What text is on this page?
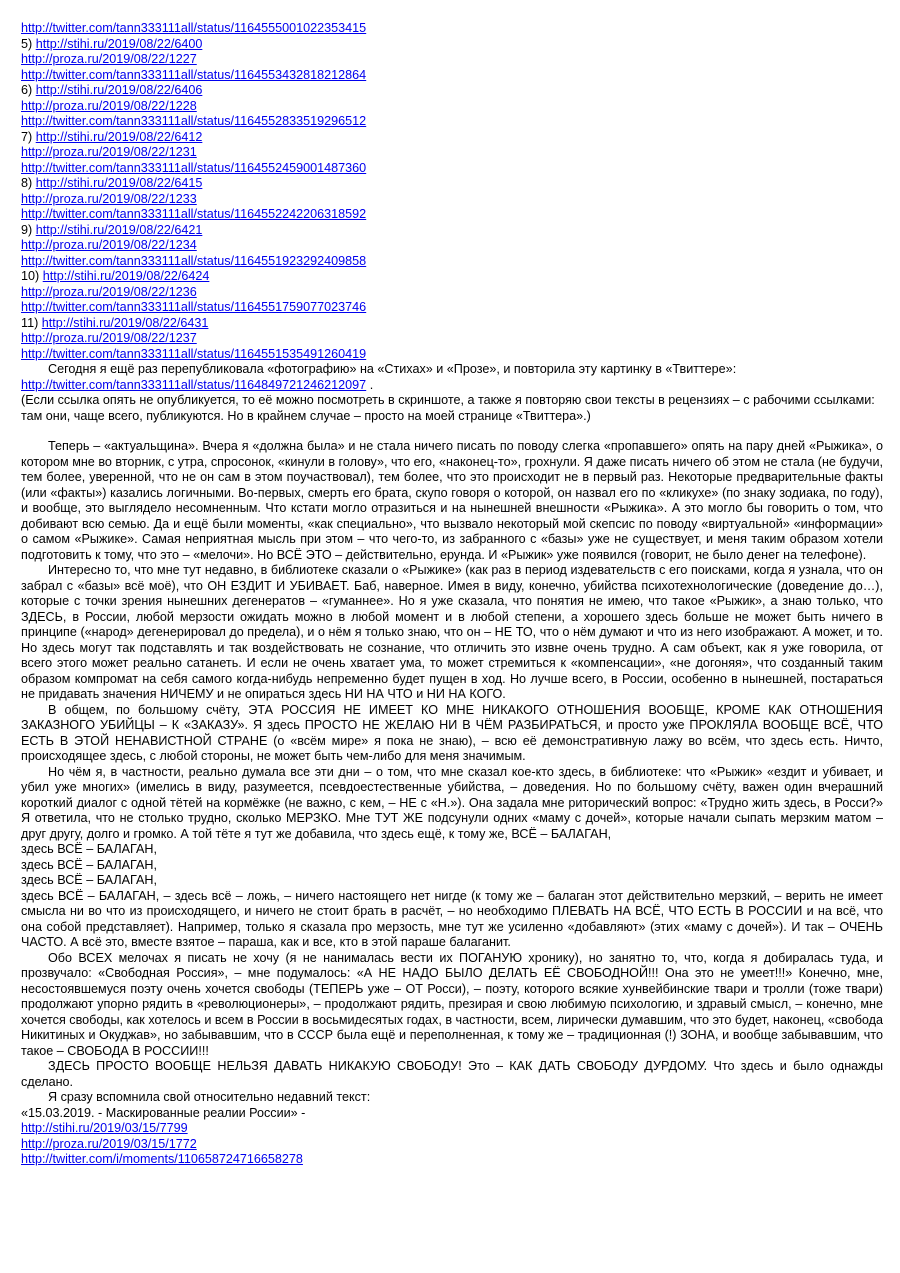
http://twitter.com/tann333111all/status/1164555001022353415
5) http://stihi.ru/2019/08/22/6400
http://proza.ru/2019/08/22/1227
http://twitter.com/tann333111all/status/1164553432818212864
6) http://stihi.ru/2019/08/22/6406
http://proza.ru/2019/08/22/1228
http://twitter.com/tann333111all/status/1164552833519296512
7) http://stihi.ru/2019/08/22/6412
http://proza.ru/2019/08/22/1231
http://twitter.com/tann333111all/status/1164552459001487360
8) http://stihi.ru/2019/08/22/6415
http://proza.ru/2019/08/22/1233
http://twitter.com/tann333111all/status/1164552242206318592
9) http://stihi.ru/2019/08/22/6421
http://proza.ru/2019/08/22/1234
http://twitter.com/tann333111all/status/1164551923292409858
10) http://stihi.ru/2019/08/22/6424
http://proza.ru/2019/08/22/1236
http://twitter.com/tann333111all/status/1164551759077023746
11) http://stihi.ru/2019/08/22/6431
http://proza.ru/2019/08/22/1237
http://twitter.com/tann333111all/status/1164551535491260419

Сегодня я ещё раз перепубликовала «фотографию» на «Стихах» и «Прозе», и повторила эту картинку в «Твиттере»:
http://twitter.com/tann333111all/status/1164849721246212097 .

(Если ссылка опять не опубликуется, то её можно посмотреть в скриншоте, а также я повторяю свои тексты в рецензиях – с рабочими ссылками: там они, чаще всего, публикуются. Но в крайнем случае – просто на моей странице «Твиттера».)

Теперь – «актуальщина». Вчера я «должна была» и не стала ничего писать по поводу слегка «пропавшего» опять на пару дней «Рыжика», о котором мне во вторник, с утра, спросонок, «кинули в голову», что его, «наконец-то», грохнули. Я даже писать ничего об этом не стала (не будучи, тем более, уверенной, что не он сам в этом поучаствовал), тем более, что это происходит не в первый раз. Некоторые предварительные факты (или «факты») казались логичными. Во-первых, смерть его брата, скупо говоря о которой, он назвал его по «кликухе» (по знаку зодиака, по году), и вообще, это выглядело несомненным. Что кстати могло отразиться и на нынешней внешности «Рыжика». А это могло бы говорить о том, что добивают всю семью. Да и ещё были моменты, «как специально», что вызвало некоторый мой скепсис по поводу «виртуальной» «информации» о самом «Рыжике». Самая неприятная мысль при этом – что чего-то, из забранного с «базы» уже не существует, и меня таким образом хотели подготовить к тому, что это – «мелочи». Но ВСЁ ЭТО – действительно, ерунда. И «Рыжик» уже появился (говорит, не было денег на телефоне).

Интересно то, что мне тут недавно, в библиотеке сказали о «Рыжике» (как раз в период издевательств с его поисками, когда я узнала, что он забрал с «базы» всё моё), что ОН ЕЗДИТ И УБИВАЕТ. Баб, наверное. Имея в виду, конечно, убийства психотехнологические (доведение до…), которые с точки зрения нынешних дегенератов – «гуманнее». Но я уже сказала, что понятия не имею, что такое «Рыжик», а знаю только, что ЗДЕСЬ, в России, любой мерзости ожидать можно в любой момент и в любой степени, а хорошего здесь больше не может быть ничего в принципе («народ» дегенерировал до предела), и о нём я только знаю, что он – НЕ ТО, что о нём думают и что из него изображают. А может, и то. Но здесь могут так подставлять и так воздействовать не сознание, что отличить это извне очень трудно. А сам объект, как я уже говорила, от всего этого может реально сатанеть. И если не очень хватает ума, то может стремиться к «компенсации», «не догоняя», что созданный таким образом компромат на себя самого когда-нибудь непременно будет пущен в ход. Но лучше всего, в России, особенно в нынешней, постараться не придавать значения НИЧЕМУ и не опираться здесь НИ НА ЧТО и НИ НА КОГО.

В общем, по большому счёту, ЭТА РОССИЯ НЕ ИМЕЕТ КО МНЕ НИКАКОГО ОТНОШЕНИЯ ВООБЩЕ, КРОМЕ КАК ОТНОШЕНИЯ ЗАКАЗНОГО УБИЙЦЫ – К «ЗАКАЗУ». Я здесь ПРОСТО НЕ ЖЕЛАЮ НИ В ЧЁМ РАЗБИРАТЬСЯ, и просто уже ПРОКЛЯЛА ВООБЩЕ ВСЁ, ЧТО ЕСТЬ В ЭТОЙ НЕНАВИСТНОЙ СТРАНЕ (о «всём мире» я пока не знаю), – всю её демонстративную лажу во всём, что здесь есть. Ничто, происходящее здесь, с любой стороны, не может быть чем-либо для меня значимым.

Но чём я, в частности, реально думала все эти дни – о том, что мне сказал кое-кто здесь, в библиотеке: что «Рыжик» «ездит и убивает, и убил уже многих» (имелись в виду, разумеется, псевдоестественные убийства, – доведения. Но по большому счёту, важен один вчерашний короткий диалог с одной тётей на кормёжке (не важно, с кем, – НЕ с «Н.»). Она задала мне риторический вопрос: «Трудно жить здесь, в Росси?» Я ответила, что не столько трудно, сколько МЕРЗКО. Мне ТУТ ЖЕ подсунули одних «маму с дочей», которые начали сыпать мерзким матом – друг другу, долго и громко. А той тёте я тут же добавила, что здесь ещё, к тому же, ВСЁ – БАЛАГАН,

здесь ВСЁ – БАЛАГАН,
здесь ВСЁ – БАЛАГАН,
здесь ВСЁ – БАЛАГАН,

здесь ВСЁ – БАЛАГАН, – здесь всё – ложь, – ничего настоящего нет нигде (к тому же – балаган этот действительно мерзкий, – верить не имеет смысла ни во что из происходящего, и ничего не стоит брать в расчёт, – но необходимо ПЛЕВАТЬ НА ВСЁ, ЧТО ЕСТЬ В РОССИИ и на всё, что она собой представляет). Например, только я сказала про мерзость, мне тут же усиленно «добавляют» (этих «маму с дочей»). И так – ОЧЕНЬ ЧАСТО. А всё это, вместе взятое – параша, как и все, кто в этой параше балаганит.

Обо ВСЕХ мелочах я писать не хочу (я не нанималась вести их ПОГАНУЮ хронику), но занятно то, что, когда я добиралась туда, и прозвучало: «Свободная Россия», – мне подумалось: «А НЕ НАДО БЫЛО ДЕЛАТЬ ЕЁ СВОБОДНОЙ!!! Она это не умеет!!!» Конечно, мне, несостоявшемуся поэту очень хочется свободы (ТЕПЕРЬ уже – ОТ Росси), – поэту, которого всякие хунвейбинские твари и тролли (тоже твари) продолжают упорно рядить в «революционеры», – продолжают рядить, презирая и свою любимую психологию, и здравый смысл, – конечно, мне хочется свободы, как хотелось и всем в России в восьмидесятых годах, в частности, всем, лирически думавшим, что это будет, наконец, «свобода Никитиных и Окуджав», но забывавшим, что в СССР была ещё и переполненная, к тому же – традиционная (!) ЗОНА, и вообще забывавшим, что такое – СВОБОДА В РОССИИ!!!

ЗДЕСЬ ПРОСТО ВООБЩЕ НЕЛЬЗЯ ДАВАТЬ НИКАКУЮ СВОБОДУ! Это – КАК ДАТЬ СВОБОДУ ДУРДОМУ. Что здесь и было однажды сделано.

Я сразу вспомнила свой относительно недавний текст:

«15.03.2019. - Маскированные реалии России» -
http://stihi.ru/2019/03/15/7799
http://proza.ru/2019/03/15/1772
http://twitter.com/i/moments/1106587247166582​78
